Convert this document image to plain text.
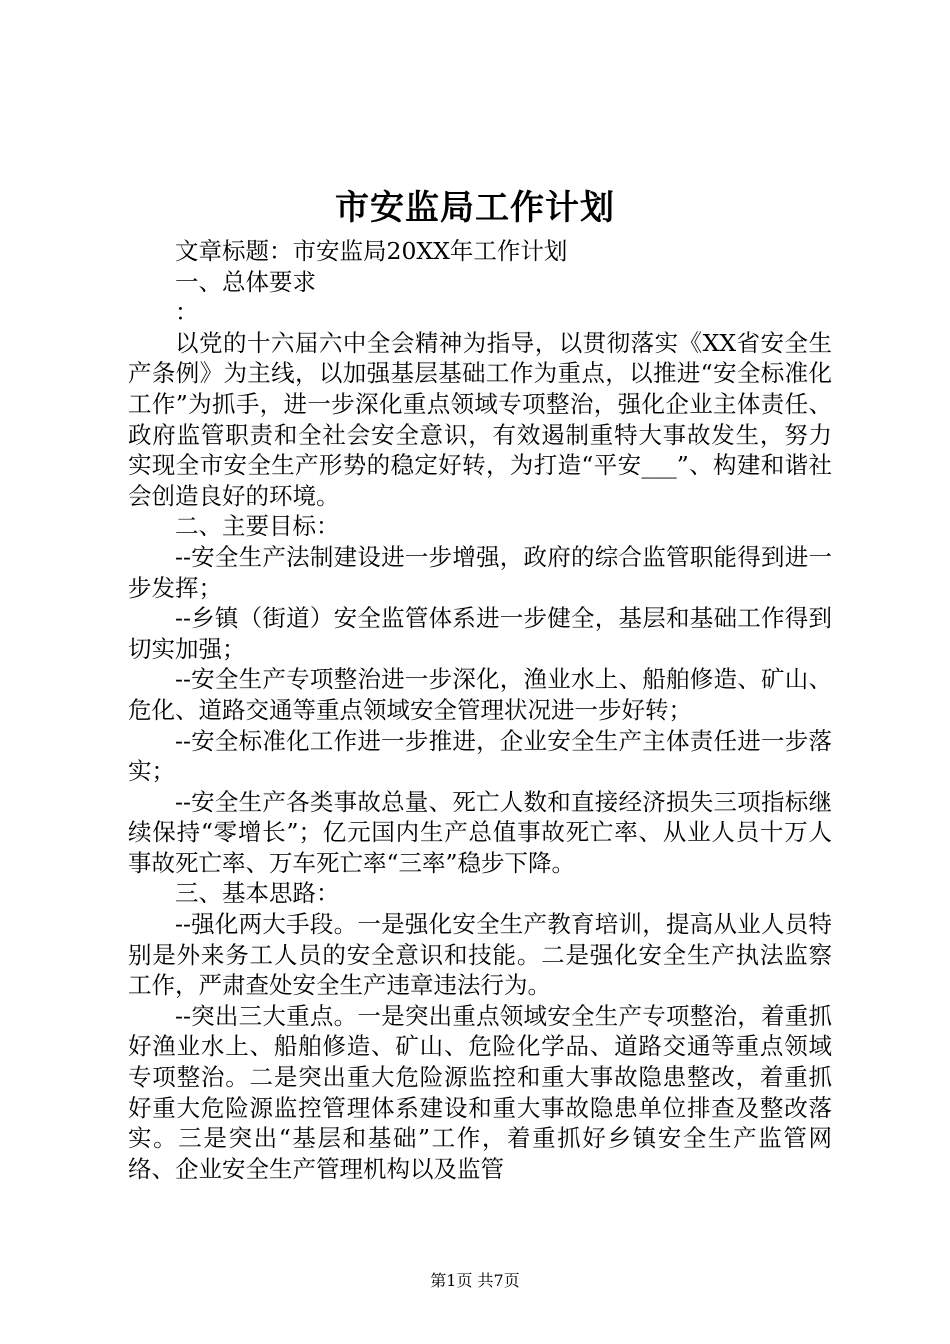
市安监局工作计划

文章标题：市安监局20XX年工作计划

一、总体要求

：

以党的十六届六中全会精神为指导，以贯彻落实《XX省安全生产条例》为主线，以加强基层基础工作为重点，以推进“安全标准化工作”为抓手，进一步深化重点领域专项整治，强化企业主体责任、政府监管职责和全社会安全意识，有效遏制重特大事故发生，努力实现全市安全生产形势的稳定好转，为打造“平安___”、构建和谐社会创造良好的环境。

二、主要目标：

--安全生产法制建设进一步增强，政府的综合监管职能得到进一步发挥；

--乡镇（街道）安全监管体系进一步健全，基层和基础工作得到切实加强；

--安全生产专项整治进一步深化，渔业水上、船舶修造、矿山、危化、道路交通等重点领域安全管理状况进一步好转；

--安全标准化工作进一步推进，企业安全生产主体责任进一步落实；

--安全生产各类事故总量、死亡人数和直接经济损失三项指标继续保持“零增长”；亿元国内生产总值事故死亡率、从业人员十万人事故死亡率、万车死亡率“三率”稳步下降。

三、基本思路：

--强化两大手段。一是强化安全生产教育培训，提高从业人员特别是外来务工人员的安全意识和技能。二是强化安全生产执法监察工作，严肃查处安全生产违章违法行为。

--突出三大重点。一是突出重点领域安全生产专项整治，着重抓好渔业水上、船舶修造、矿山、危险化学品、道路交通等重点领域专项整治。二是突出重大危险源监控和重大事故隐患整改，着重抓好重大危险源监控管理体系建设和重大事故隐患单位排查及整改落实。三是突出“基层和基础”工作，着重抓好乡镇安全生产监管网络、企业安全生产管理机构以及监管

第1页 共7页
